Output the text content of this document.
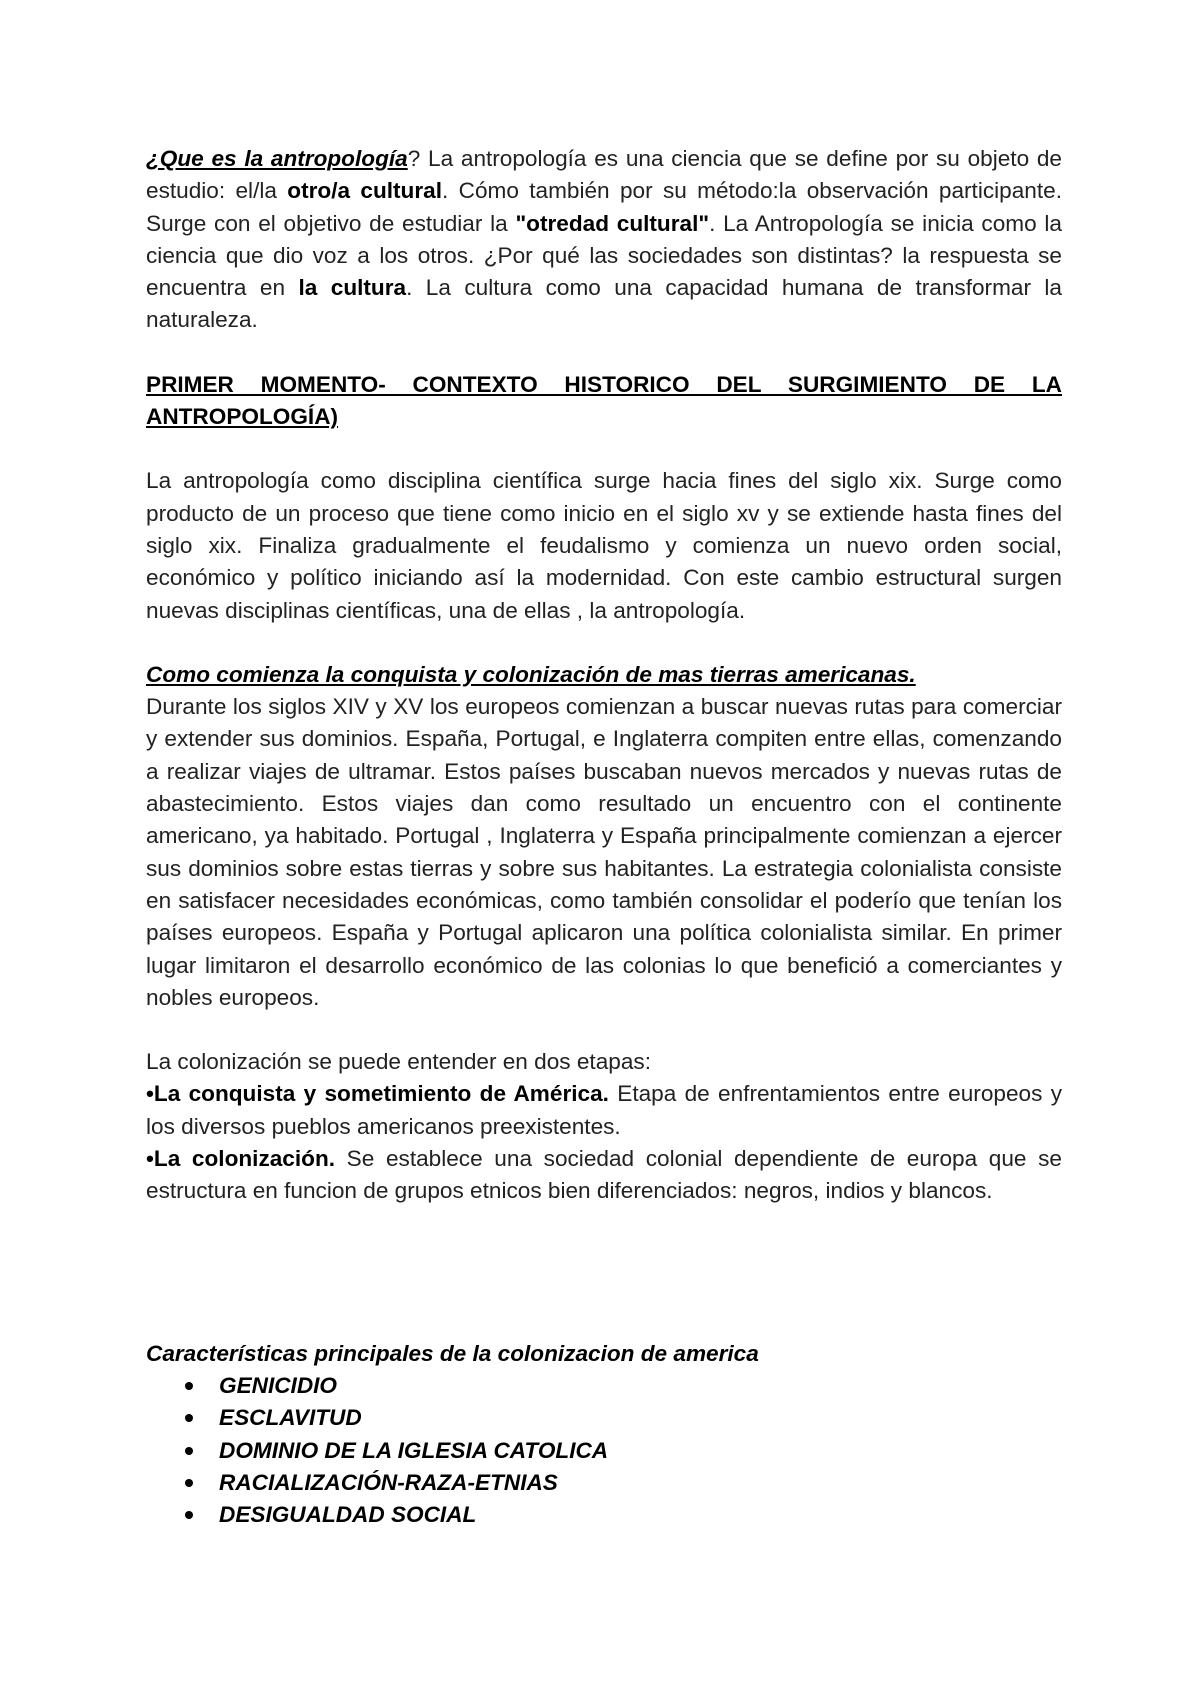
¿Que es la antropología? La antropología es una ciencia que se define por su objeto de estudio: el/la otro/a cultural. Cómo también por su método:la observación participante. Surge con el objetivo de estudiar la "otredad cultural". La Antropología se inicia como la ciencia que dio voz a los otros. ¿Por qué las sociedades son distintas? la respuesta se encuentra en la cultura. La cultura como una capacidad humana de transformar la naturaleza.

PRIMER MOMENTO- CONTEXTO HISTORICO DEL SURGIMIENTO DE LA ANTROPOLOGÍA)

La antropología como disciplina científica surge hacia fines del siglo xix. Surge como producto de un proceso que tiene como inicio en el siglo xv y se extiende hasta fines del siglo xix. Finaliza gradualmente el feudalismo y comienza un nuevo orden social, económico y político iniciando así la modernidad. Con este cambio estructural surgen nuevas disciplinas científicas, una de ellas , la antropología.

Como comienza la conquista y colonización de mas tierras americanas.

Durante los siglos XIV y XV los europeos comienzan a buscar nuevas rutas para comerciar y extender sus dominios. España, Portugal, e Inglaterra compiten entre ellas, comenzando a realizar viajes de ultramar. Estos países buscaban nuevos mercados y nuevas rutas de abastecimiento. Estos viajes dan como resultado un encuentro con el continente americano, ya habitado. Portugal , Inglaterra y España principalmente comienzan a ejercer sus dominios sobre estas tierras y sobre sus habitantes. La estrategia colonialista consiste en satisfacer necesidades económicas, como también consolidar el poderío que tenían los países europeos. España y Portugal aplicaron una política colonialista similar. En primer lugar limitaron el desarrollo económico de las colonias lo que benefició a comerciantes y nobles europeos.

La colonización se puede entender en dos etapas:

•La conquista y sometimiento de América. Etapa de enfrentamientos entre europeos y los diversos pueblos americanos preexistentes.

•La colonización. Se establece una sociedad colonial dependiente de europa que se estructura en funcion de grupos etnicos bien diferenciados: negros, indios y blancos.

Características principales de la colonizacion de america

GENICIDIO
ESCLAVITUD
DOMINIO DE LA IGLESIA CATOLICA
RACIALIZACIÓN-RAZA-ETNIAS
DESIGUALDAD SOCIAL
